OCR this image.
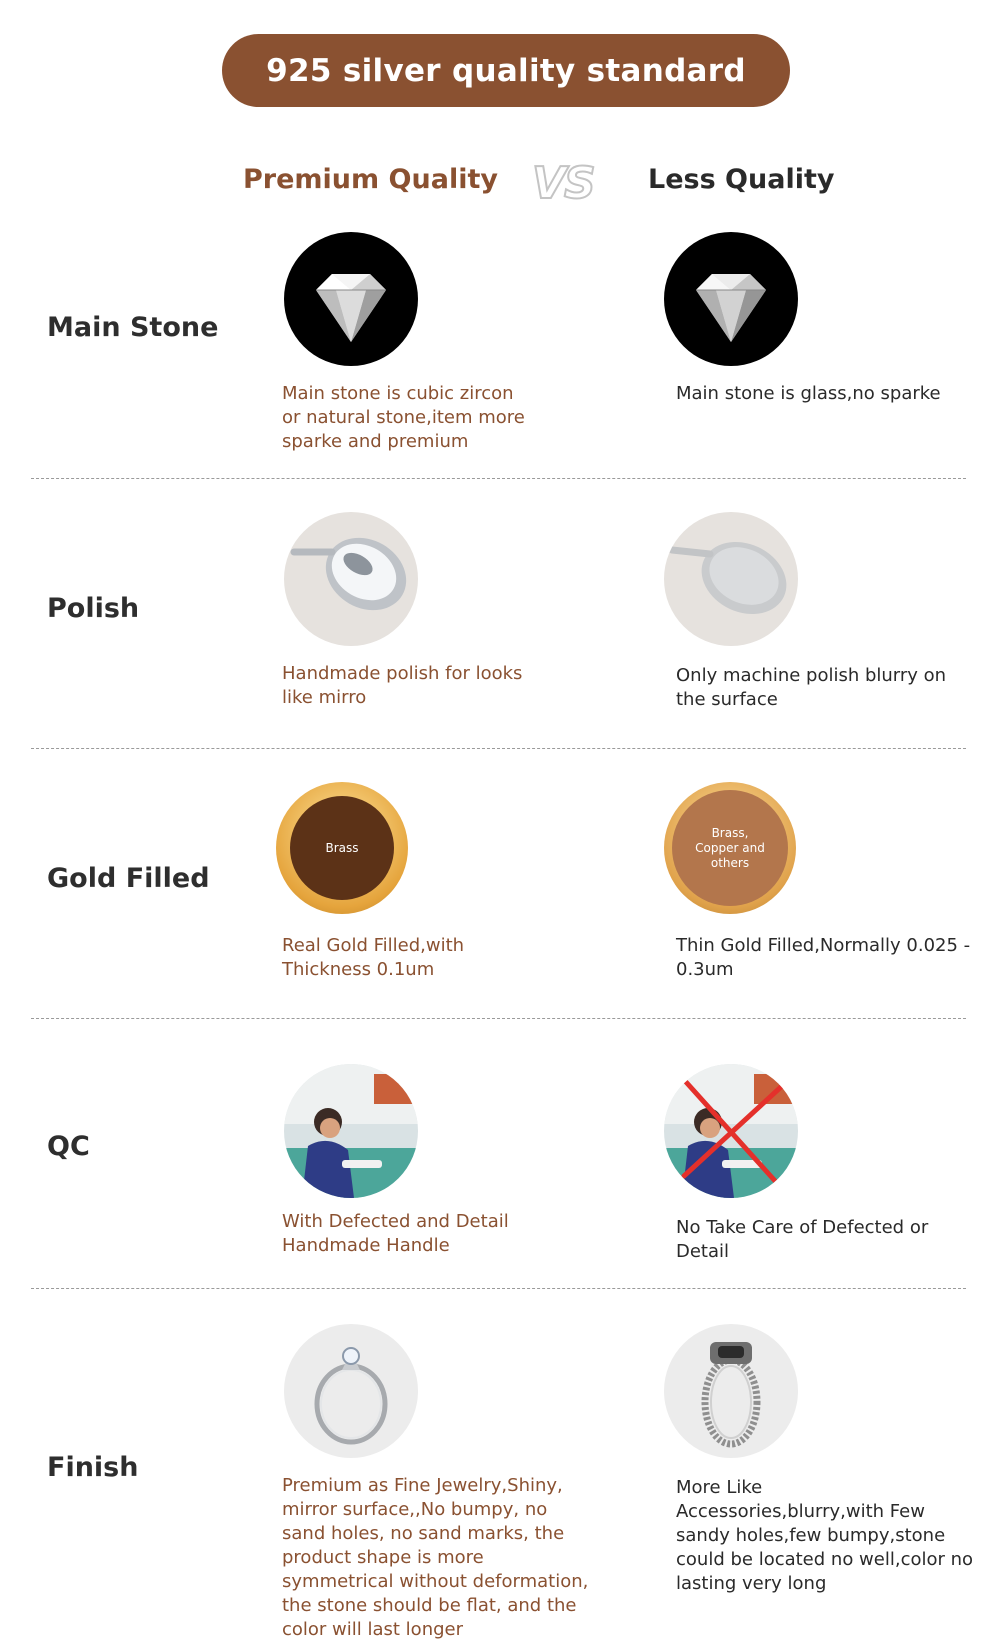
925 silver quality standard
Premium Quality VS Less Quality
Main Stone
Main stone is cubic zircon or natural stone,item more sparke and premium
Main stone is glass,no sparke
Polish
Handmade polish for looks like mirro
Only machine polish blurry on the surface
Gold Filled
Brass
Brass, Copper and others
Real Gold Filled,with Thickness 0.1um
Thin Gold Filled,Normally 0.025 - 0.3um
QC
With Defected and Detail Handmade Handle
No Take Care of Defected or Detail
Finish
Premium as Fine Jewelry,Shiny, mirror surface,,No bumpy, no sand holes, no sand marks, the product shape is more symmetrical without deformation, the stone should be flat, and the color will last longer
More Like Accessories,blurry,with Few sandy holes,few bumpy,stone could be located no well,color no lasting very long
